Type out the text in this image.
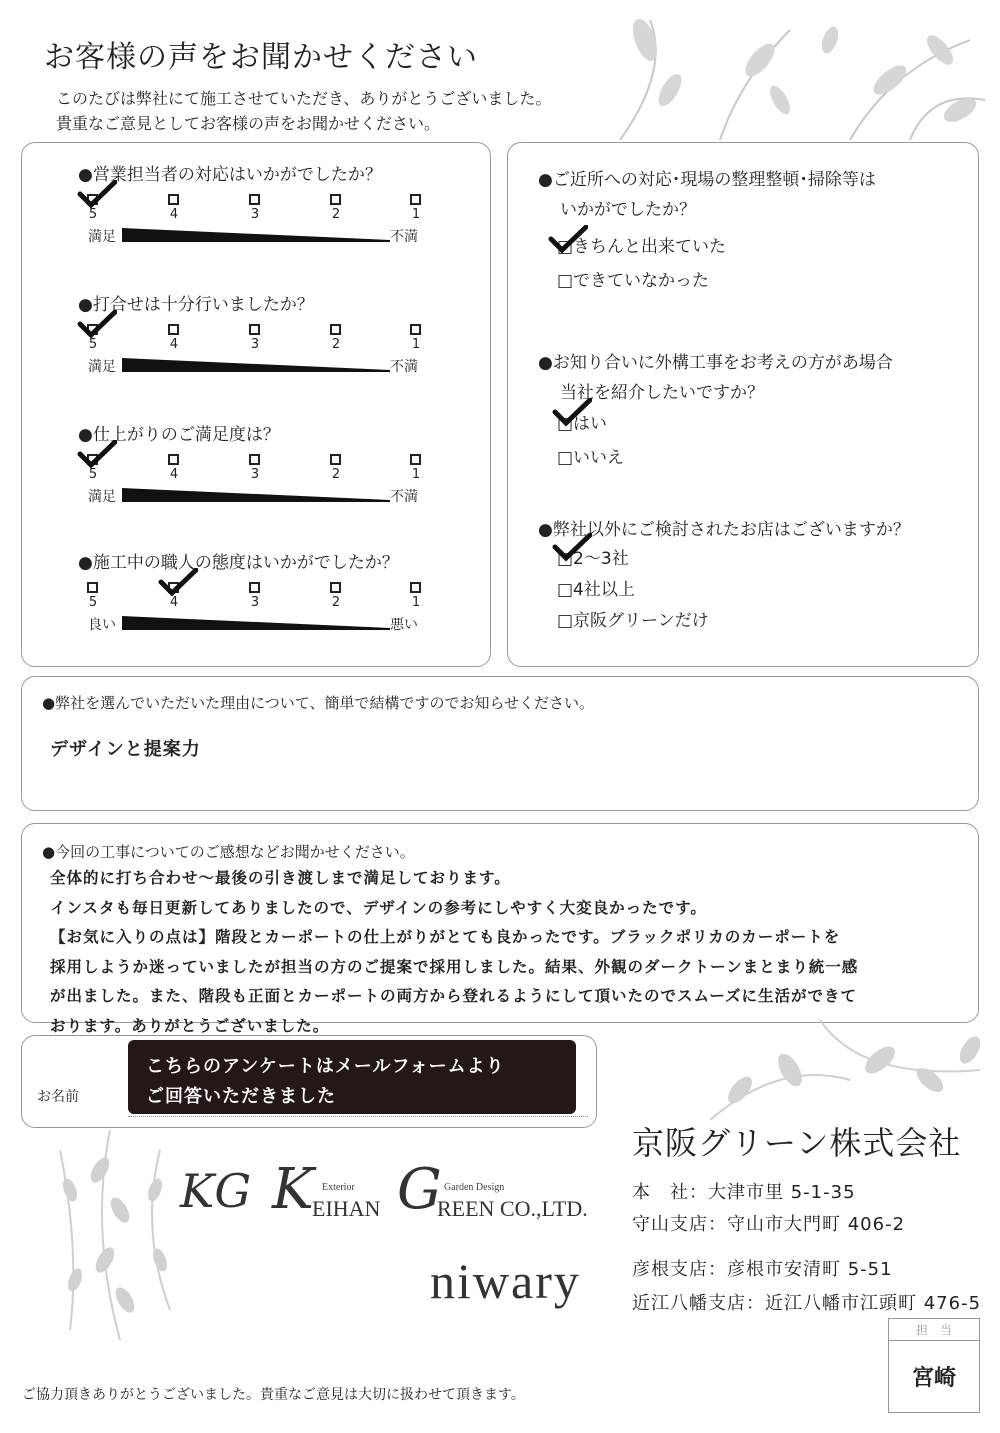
お客様の声をお聞かせください
このたびは弊社にて施工させていただき、ありがとうございました。
貴重なご意見としてお客様の声をお聞かせください。
●営業担当者の対応はいかがでしたか？
5	4	3	2	1
満足	不満
●打合せは十分行いましたか？
5	4	3	2	1
満足	不満
●仕上がりのご満足度は？
5	4	3	2	1
満足	不満
●施工中の職人の態度はいかがでしたか？
5	4	3	2	1
良い	悪い
●ご近所への対応･現場の整理整頓･掃除等は
いかがでしたか？
□きちんと出来ていた
□できていなかった
●お知り合いに外構工事をお考えの方があ場合
当社を紹介したいですか？
□はい
□いいえ
●弊社以外にご検討されたお店はございますか？
□2～3社
□4社以上
□京阪グリーンだけ
●弊社を選んでいただいた理由について、簡単で結構ですのでお知らせください。
デザインと提案力
●今回の工事についてのご感想などお聞かせください。
全体的に打ち合わせ～最後の引き渡しまで満足しております。
インスタも毎日更新してありましたので、デザインの参考にしやすく大変良かったです。
【お気に入りの点は】階段とカーポートの仕上がりがとても良かったです。ブラックポリカのカーポートを
採用しようか迷っていましたが担当の方のご提案で採用しました。結果、外観のダークトーンまとまり統一感
が出ました。また、階段も正面とカーポートの両方から登れるようにして頂いたのでスムーズに生活ができて
おります。ありがとうございました。
お名前
こちらのアンケートはメールフォームより
ご回答いただきました
京阪グリーン株式会社
KG K Exterior
EIHAN G Garden Design
REEN CO.,LTD.
niwary
本　社：大津市里 5-1-35
守山支店：守山市大門町 406-2
彦根支店：彦根市安清町 5-51
近江八幡支店：近江八幡市江頭町 476-5
担　当
宮崎
ご協力頂きありがとうございました。貴重なご意見は大切に扱わせて頂きます。
